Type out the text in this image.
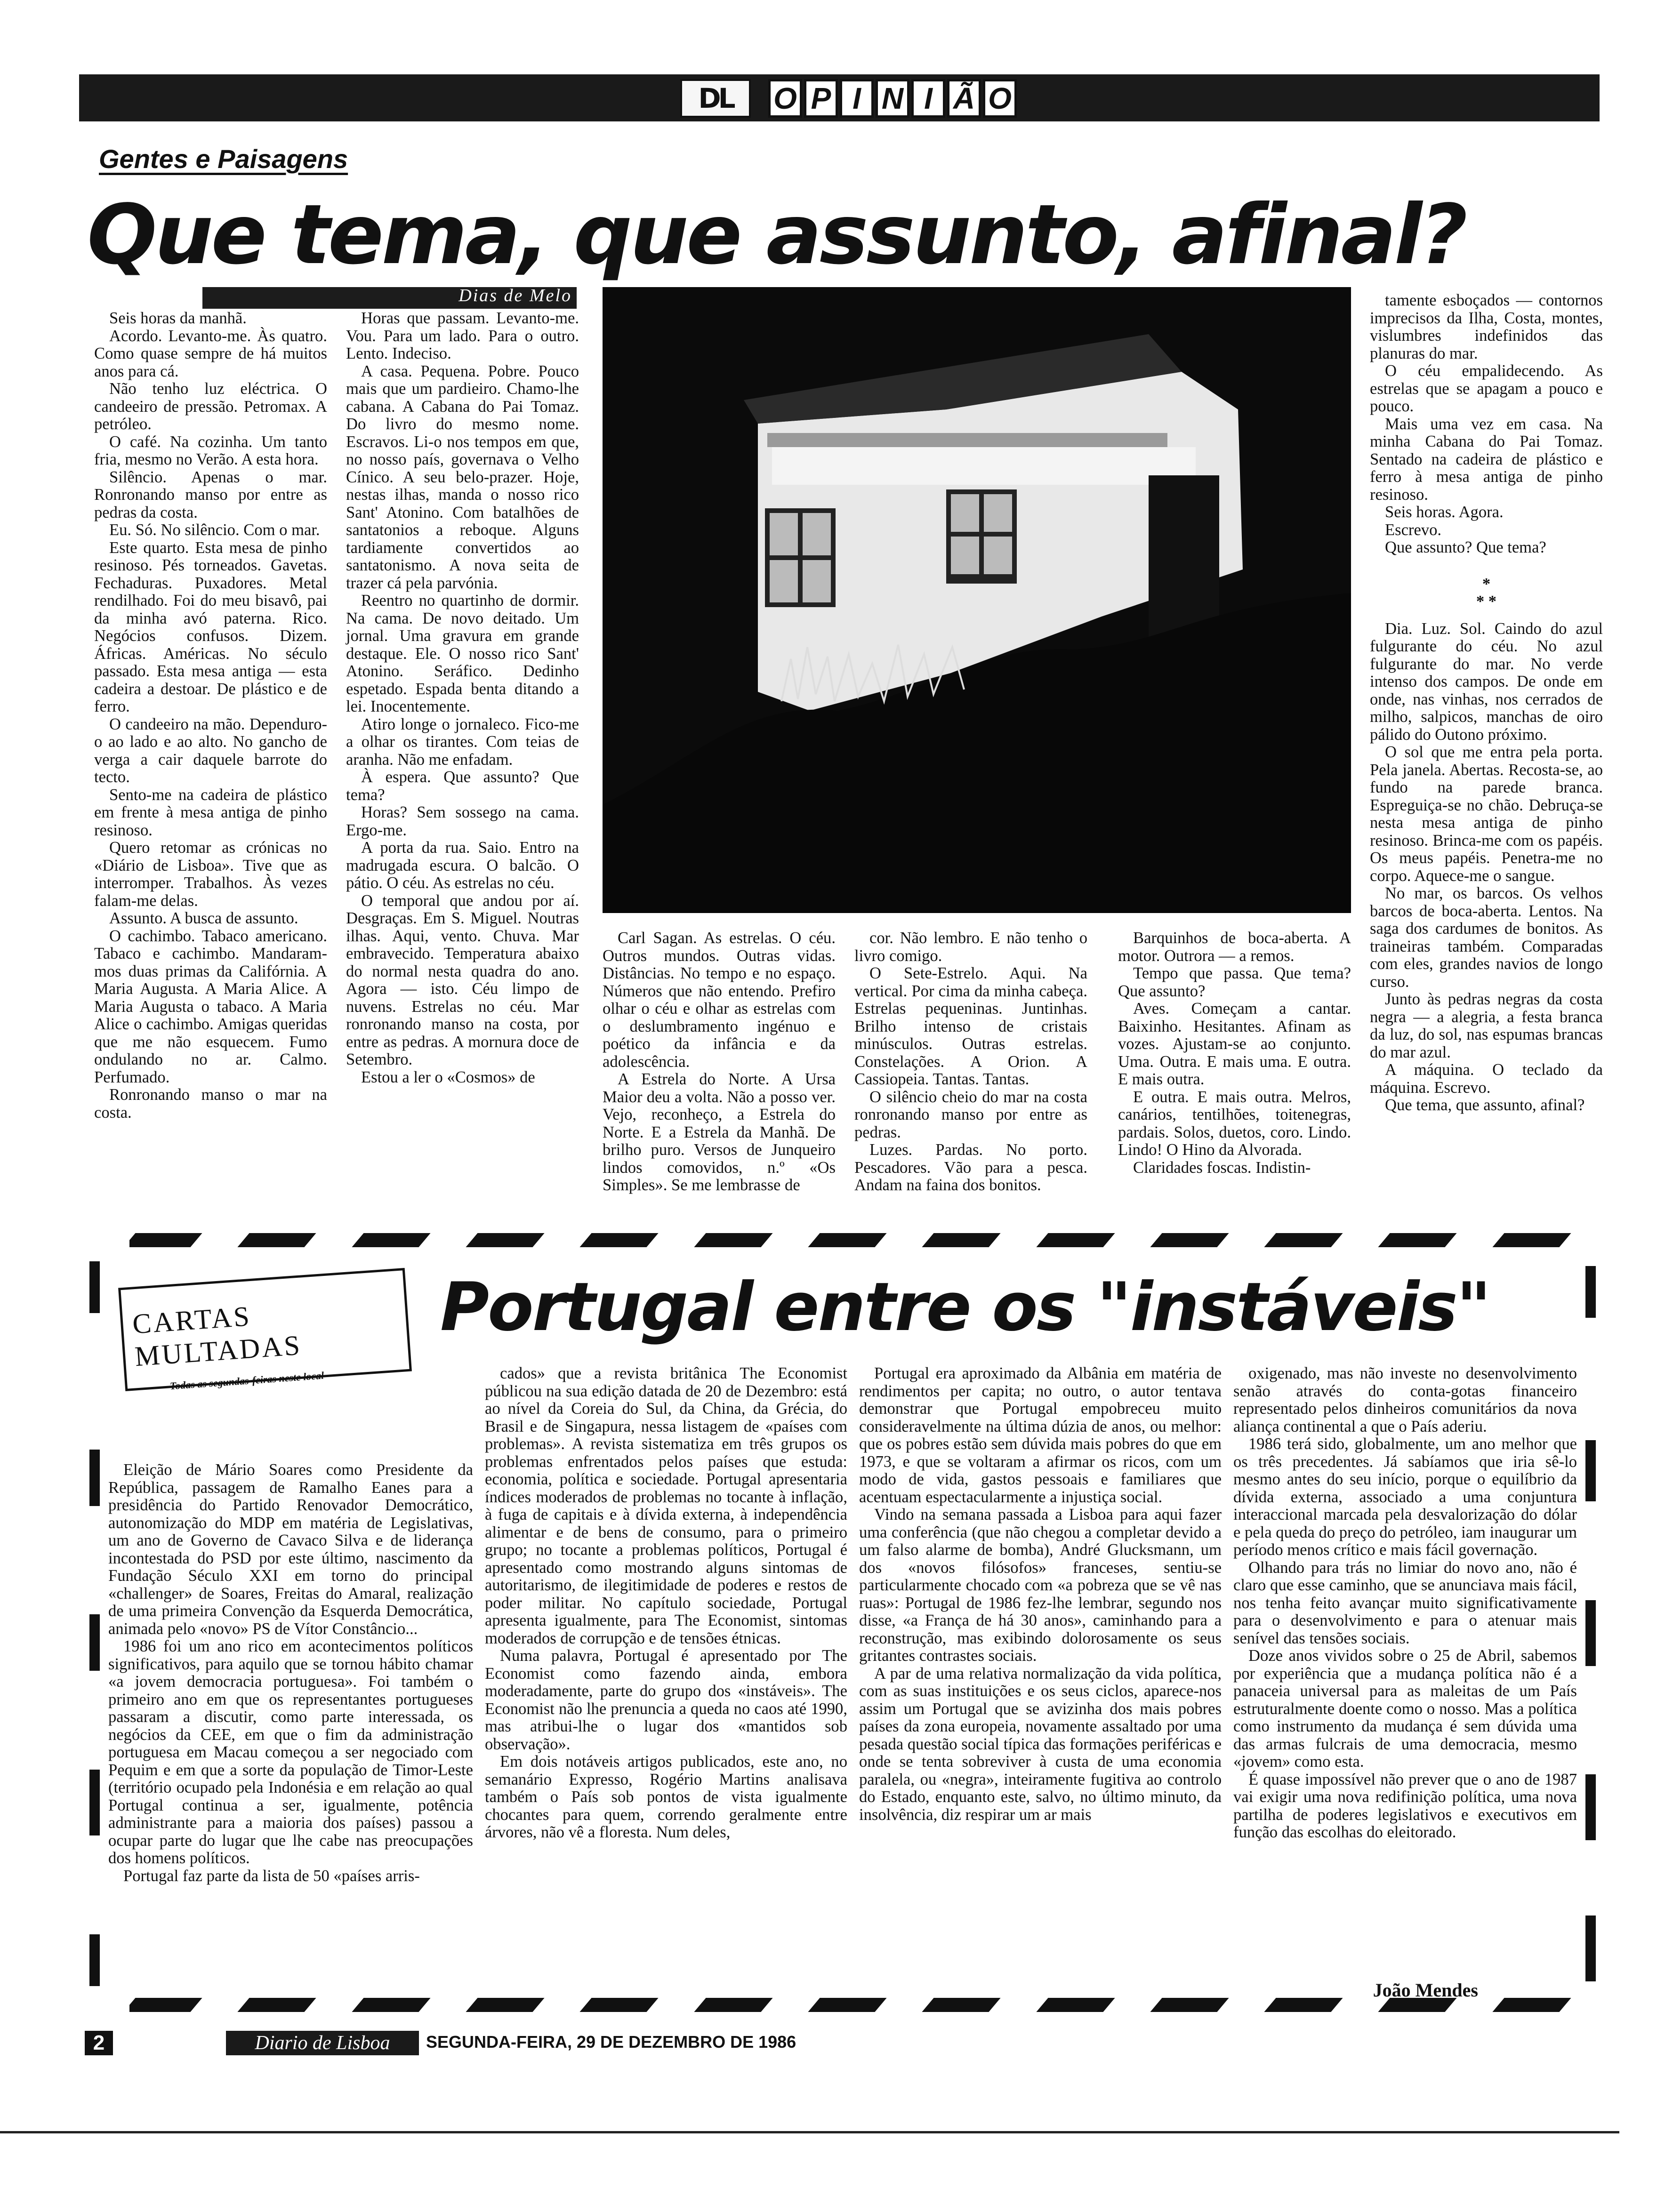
DL	O P I N I Ã O
Gentes e Paisagens
Que tema, que assunto, afinal?
Dias de Melo

Seis horas da manhã.

Acordo. Levanto-me. Às quatro. Como quase sempre de há muitos anos para cá.

Não tenho luz eléctrica. O candeeiro de pressão. Petromax. A petróleo.

O café. Na cozinha. Um tanto fria, mesmo no Verão. A esta hora.

Silêncio. Apenas o mar. Ronronando manso por entre as pedras da costa.

Eu. Só. No silêncio. Com o mar.

Este quarto. Esta mesa de pinho resinoso. Pés torneados. Gavetas. Fechaduras. Puxadores. Metal rendilhado. Foi do meu bisavô, pai da minha avó paterna. Rico. Negócios confusos. Dizem. Áfricas. Américas. No século passado. Esta mesa antiga — esta cadeira a destoar. De plástico e de ferro.

O candeeiro na mão. Dependuro-o ao lado e ao alto. No gancho de verga a cair daquele barrote do tecto.

Sento-me na cadeira de plástico em frente à mesa antiga de pinho resinoso.

Quero retomar as crónicas no «Diário de Lisboa». Tive que as interromper. Trabalhos. Às vezes falam-me delas.

Assunto. A busca de assunto.

O cachimbo. Tabaco americano. Tabaco e cachimbo. Mandaram-mos duas primas da Califórnia. A Maria Augusta. A Maria Alice. A Maria Augusta o tabaco. A Maria Alice o cachimbo. Amigas queridas que me não esquecem. Fumo ondulando no ar. Calmo. Perfumado.

Ronronando manso o mar na costa.

Horas que passam. Levanto-me. Vou. Para um lado. Para o outro. Lento. Indeciso.

A casa. Pequena. Pobre. Pouco mais que um pardieiro. Chamo-lhe cabana. A Cabana do Pai Tomaz. Do livro do mesmo nome. Escravos. Li-o nos tempos em que, no nosso país, governava o Velho Cínico. A seu belo-prazer. Hoje, nestas ilhas, manda o nosso rico Sant' Atonino. Com batalhões de santatonios a reboque. Alguns tardiamente convertidos ao santatonismo. A nova seita de trazer cá pela parvónia.

Reentro no quartinho de dormir. Na cama. De novo deitado. Um jornal. Uma gravura em grande destaque. Ele. O nosso rico Sant' Atonino. Seráfico. Dedinho espetado. Espada benta ditando a lei. Inocentemente.

Atiro longe o jornaleco. Fico-me a olhar os tirantes. Com teias de aranha. Não me enfadam.

À espera. Que assunto? Que tema?

Horas? Sem sossego na cama. Ergo-me.

A porta da rua. Saio. Entro na madrugada escura. O balcão. O pátio. O céu. As estrelas no céu.

O temporal que andou por aí. Desgraças. Em S. Miguel. Noutras ilhas. Aqui, vento. Chuva. Mar embravecido. Temperatura abaixo do normal nesta quadra do ano. Agora — isto. Céu limpo de nuvens. Estrelas no céu. Mar ronronando manso na costa, por entre as pedras. A mornura doce de Setembro.

Estou a ler o «Cosmos» de

Carl Sagan. As estrelas. O céu. Outros mundos. Outras vidas. Distâncias. No tempo e no espaço. Números que não entendo. Prefiro olhar o céu e olhar as estrelas com o deslumbramento ingénuo e poético da infância e da adolescência.

A Estrela do Norte. A Ursa Maior deu a volta. Não a posso ver. Vejo, reconheço, a Estrela do Norte. E a Estrela da Manhã. De brilho puro. Versos de Junqueiro lindos comovidos, n.º «Os Simples». Se me lembrasse de

cor. Não lembro. E não tenho o livro comigo.

O Sete-Estrelo. Aqui. Na vertical. Por cima da minha cabeça. Estrelas pequeninas. Juntinhas. Brilho intenso de cristais minúsculos. Outras estrelas. Constelações. A Orion. A Cassiopeia. Tantas. Tantas.

O silêncio cheio do mar na costa ronronando manso por entre as pedras.

Luzes. Pardas. No porto. Pescadores. Vão para a pesca. Andam na faina dos bonitos.

Barquinhos de boca-aberta. A motor. Outrora — a remos.

Tempo que passa. Que tema? Que assunto?

Aves. Começam a cantar. Baixinho. Hesitantes. Afinam as vozes. Ajustam-se ao conjunto. Uma. Outra. E mais uma. E outra. E mais outra.

E outra. E mais outra. Melros, canários, tentilhões, toitenegras, pardais. Solos, duetos, coro. Lindo. Lindo! O Hino da Alvorada.

Claridades foscas. Indistin-

tamente esboçados — contornos imprecisos da Ilha, Costa, montes, vislumbres indefinidos das planuras do mar.

O céu empalidecendo. As estrelas que se apagam a pouco e pouco.

Mais uma vez em casa. Na minha Cabana do Pai Tomaz. Sentado na cadeira de plástico e ferro à mesa antiga de pinho resinoso.

Seis horas. Agora.

Escrevo.

Que assunto? Que tema?

*
* *

Dia. Luz. Sol. Caindo do azul fulgurante do céu. No azul fulgurante do mar. No verde intenso dos campos. De onde em onde, nas vinhas, nos cerrados de milho, salpicos, manchas de oiro pálido do Outono próximo.

O sol que me entra pela porta. Pela janela. Abertas. Recosta-se, ao fundo na parede branca. Espreguiça-se no chão. Debruça-se nesta mesa antiga de pinho resinoso. Brinca-me com os papéis. Os meus papéis. Penetra-me no corpo. Aquece-me o sangue.

No mar, os barcos. Os velhos barcos de boca-aberta. Lentos. Na saga dos cardumes de bonitos. As traineiras também. Comparadas com eles, grandes navios de longo curso.

Junto às pedras negras da costa negra — a alegria, a festa branca da luz, do sol, nas espumas brancas do mar azul.

A máquina. O teclado da máquina. Escrevo.

Que tema, que assunto, afinal?

CARTAS MULTADAS
Todas as segundas-feiras neste local
Portugal entre os "instáveis"

Eleição de Mário Soares como Presidente da República, passagem de Ramalho Eanes para a presidência do Partido Renovador Democrático, autonomização do MDP em matéria de Legislativas, um ano de Governo de Cavaco Silva e de liderança incontestada do PSD por este último, nascimento da Fundação Século XXI em torno do principal «challenger» de Soares, Freitas do Amaral, realização de uma primeira Convenção da Esquerda Democrática, animada pelo «novo» PS de Vítor Constâncio...

1986 foi um ano rico em acontecimentos políticos significativos, para aquilo que se tornou hábito chamar «a jovem democracia portuguesa». Foi também o primeiro ano em que os representantes portugueses passaram a discutir, como parte interessada, os negócios da CEE, em que o fim da administração portuguesa em Macau começou a ser negociado com Pequim e em que a sorte da população de Timor-Leste (território ocupado pela Indonésia e em relação ao qual Portugal continua a ser, igualmente, potência administrante para a maioria dos países) passou a ocupar parte do lugar que lhe cabe nas preocupações dos homens políticos.

Portugal faz parte da lista de 50 «países arris-

cados» que a revista britânica The Economist públicou na sua edição datada de 20 de Dezembro: está ao nível da Coreia do Sul, da China, da Grécia, do Brasil e de Singapura, nessa listagem de «países com problemas». A revista sistematiza em três grupos os problemas enfrentados pelos países que estuda: economia, política e sociedade. Portugal apresentaria índices moderados de problemas no tocante à inflação, à fuga de capitais e à dívida externa, à independência alimentar e de bens de consumo, para o primeiro grupo; no tocante a problemas políticos, Portugal é apresentado como mostrando alguns sintomas de autoritarismo, de ilegitimidade de poderes e restos de poder militar. No capítulo sociedade, Portugal apresenta igualmente, para The Economist, sintomas moderados de corrupção e de tensões étnicas.

Numa palavra, Portugal é apresentado por The Economist como fazendo ainda, embora moderadamente, parte do grupo dos «instáveis». The Economist não lhe prenuncia a queda no caos até 1990, mas atribui-lhe o lugar dos «mantidos sob observação».

Em dois notáveis artigos publicados, este ano, no semanário Expresso, Rogério Martins analisava também o País sob pontos de vista igualmente chocantes para quem, correndo geralmente entre árvores, não vê a floresta. Num deles,

Portugal era aproximado da Albânia em matéria de rendimentos per capita; no outro, o autor tentava demonstrar que Portugal empobreceu muito consideravelmente na última dúzia de anos, ou melhor: que os pobres estão sem dúvida mais pobres do que em 1973, e que se voltaram a afirmar os ricos, com um modo de vida, gastos pessoais e familiares que acentuam espectacularmente a injustiça social.

Vindo na semana passada a Lisboa para aqui fazer uma conferência (que não chegou a completar devido a um falso alarme de bomba), André Glucksmann, um dos «novos filósofos» franceses, sentiu-se particularmente chocado com «a pobreza que se vê nas ruas»: Portugal de 1986 fez-lhe lembrar, segundo nos disse, «a França de há 30 anos», caminhando para a reconstrução, mas exibindo dolorosamente os seus gritantes contrastes sociais.

A par de uma relativa normalização da vida política, com as suas instituições e os seus ciclos, aparece-nos assim um Portugal que se avizinha dos mais pobres países da zona europeia, novamente assaltado por uma pesada questão social típica das formações periféricas e onde se tenta sobreviver à custa de uma economia paralela, ou «negra», inteiramente fugitiva ao controlo do Estado, enquanto este, salvo, no último minuto, da insolvência, diz respirar um ar mais

oxigenado, mas não investe no desenvolvimento senão através do conta-gotas financeiro representado pelos dinheiros comunitários da nova aliança continental a que o País aderiu.

1986 terá sido, globalmente, um ano melhor que os três precedentes. Já sabíamos que iria sê-lo mesmo antes do seu início, porque o equilíbrio da dívida externa, associado a uma conjuntura interaccional marcada pela desvalorização do dólar e pela queda do preço do petróleo, iam inaugurar um período menos crítico e mais fácil governação.

Olhando para trás no limiar do novo ano, não é claro que esse caminho, que se anunciava mais fácil, nos tenha feito avançar muito significativamente para o desenvolvimento e para o atenuar mais senível das tensões sociais.

Doze anos vividos sobre o 25 de Abril, sabemos por experiência que a mudança política não é a panaceia universal para as maleitas de um País estruturalmente doente como o nosso. Mas a política como instrumento da mudança é sem dúvida uma das armas fulcrais de uma democracia, mesmo «jovem» como esta.

É quase impossível não prever que o ano de 1987 vai exigir uma nova redifinição política, uma nova partilha de poderes legislativos e executivos em função das escolhas do eleitorado.

João Mendes
2	Diario de Lisboa	SEGUNDA-FEIRA, 29 DE DEZEMBRO DE 1986
